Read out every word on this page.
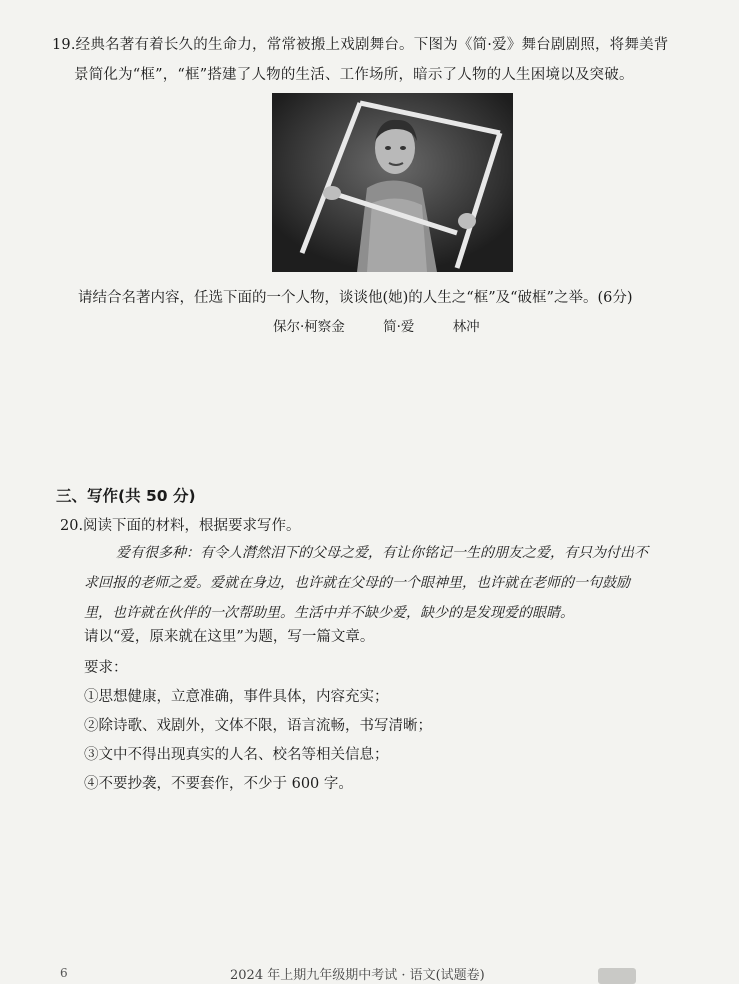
19.经典名著有着长久的生命力，常常被搬上戏剧舞台。下图为《简·爱》舞台剧剧照，将舞美背
景简化为“框”，“框”搭建了人物的生活、工作场所，暗示了人物的人生困境以及突破。
请结合名著内容，任选下面的一个人物，谈谈他(她)的人生之“框”及“破框”之举。(6分)
保尔·柯察金	简·爱	林冲
三、写作(共 50 分)
20.阅读下面的材料，根据要求写作。
爱有很多种：有令人潸然泪下的父母之爱，有让你铭记一生的朋友之爱，有只为付出不
求回报的老师之爱。爱就在身边，也许就在父母的一个眼神里，也许就在老师的一句鼓励
里，也许就在伙伴的一次帮助里。生活中并不缺少爱，缺少的是发现爱的眼睛。
请以“爱，原来就在这里”为题，写一篇文章。
要求：
①思想健康，立意准确，事件具体，内容充实；
②除诗歌、戏剧外，文体不限，语言流畅，书写清晰；
③文中不得出现真实的人名、校名等相关信息；
④不要抄袭，不要套作，不少于 600 字。
6	2024 年上期九年级期中考试 · 语文(试题卷)
